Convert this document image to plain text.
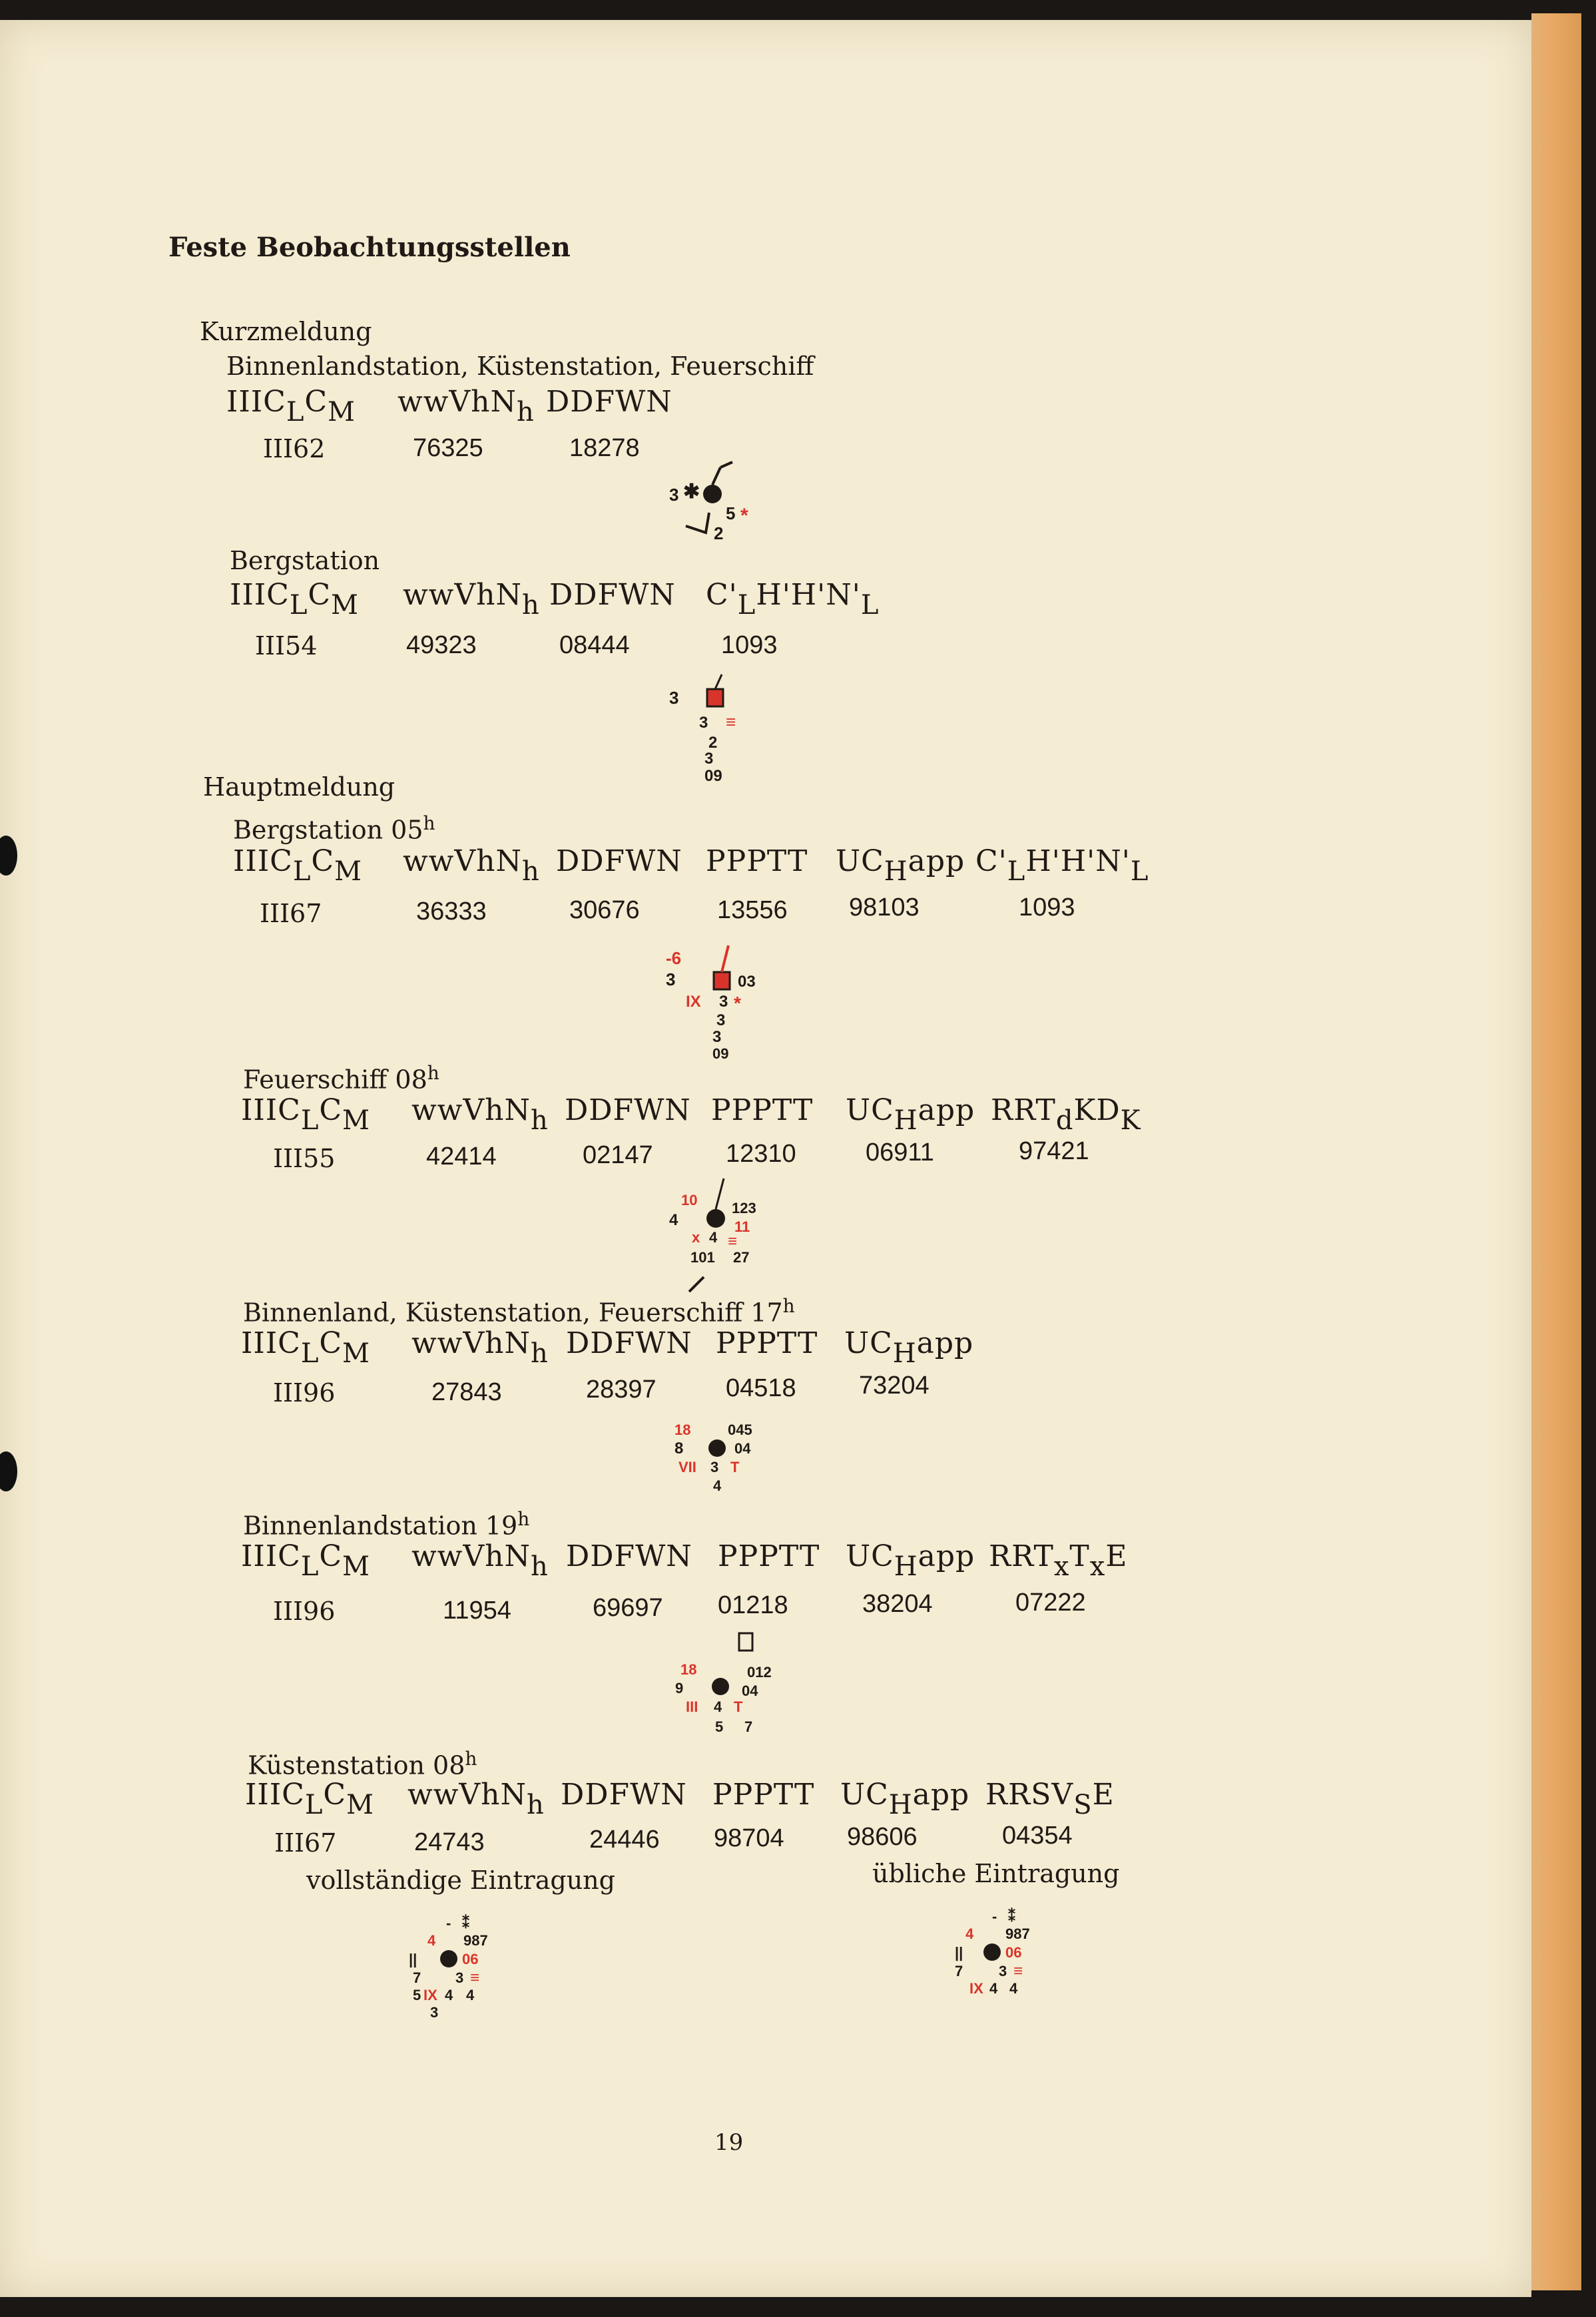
Feste Beobachtungsstellen
Kurzmeldung
Binnenlandstation, Küstenstation, Feuerschiff
$IIIC_LC_M$ wwVhN$_h$ DDFWN
III62	76325	18278
3 ✱
5 *
2
Bergstation
$IIIC_LC_M$ wwVhN$_h$ DDFWN $C'_LH'H'N'_L$
III54	49323	08444	1093
3
3 ≡
2
3
09
Hauptmeldung
Bergstation 05$^h$
$IIIC_LC_M$ wwVhN$_h$ DDFWN PPPTT $UC_Happ$ $C'_LH'H'N'_L$
III67	36333	30676	13556 98103	1093
-6
3	03
IX 3 *
3
3
09
Feuerschiff 08$^h$
$IIIC_LC_M$ wwVhN$_h$ DDFWN PPPTT $UC_Happ$ $RRT_dKD_K$
III55	42414	02147	12310	06911	97421
10
4
123
11
x 4 ≡
101 27
Binnenland, Küstenstation, Feuerschiff 17$^h$
$IIIC_LC_M$ wwVhN$_h$ DDFWN PPPTT $UC_Happ$
III96	27843	28397	04518 73204
18
8
045
04
VII 3 T
4
Binnenlandstation 19$^h$
$IIIC_LC_M$ wwVhN$_h$ DDFWN PPPTT $UC_Happ$ $RRT_xT_xE$
III96	11954	69697 01218	38204	07222
18
9
012
04
III 4 T
5 7
Küstenstation 08$^h$
$IIIC_LC_M$ wwVhN$_h$ DDFWN PPPTT $UC_Happ$ $RRSV_SE$
III67	24743	24446 98704 98606	04354
vollständige Eintragung	übliche Eintragung
- ⁑
4 987
||	06
7 3 ≡
5 IX 4 4
3
- ⁑
4 987
||	06
7 3 ≡
IX 4 4
19
